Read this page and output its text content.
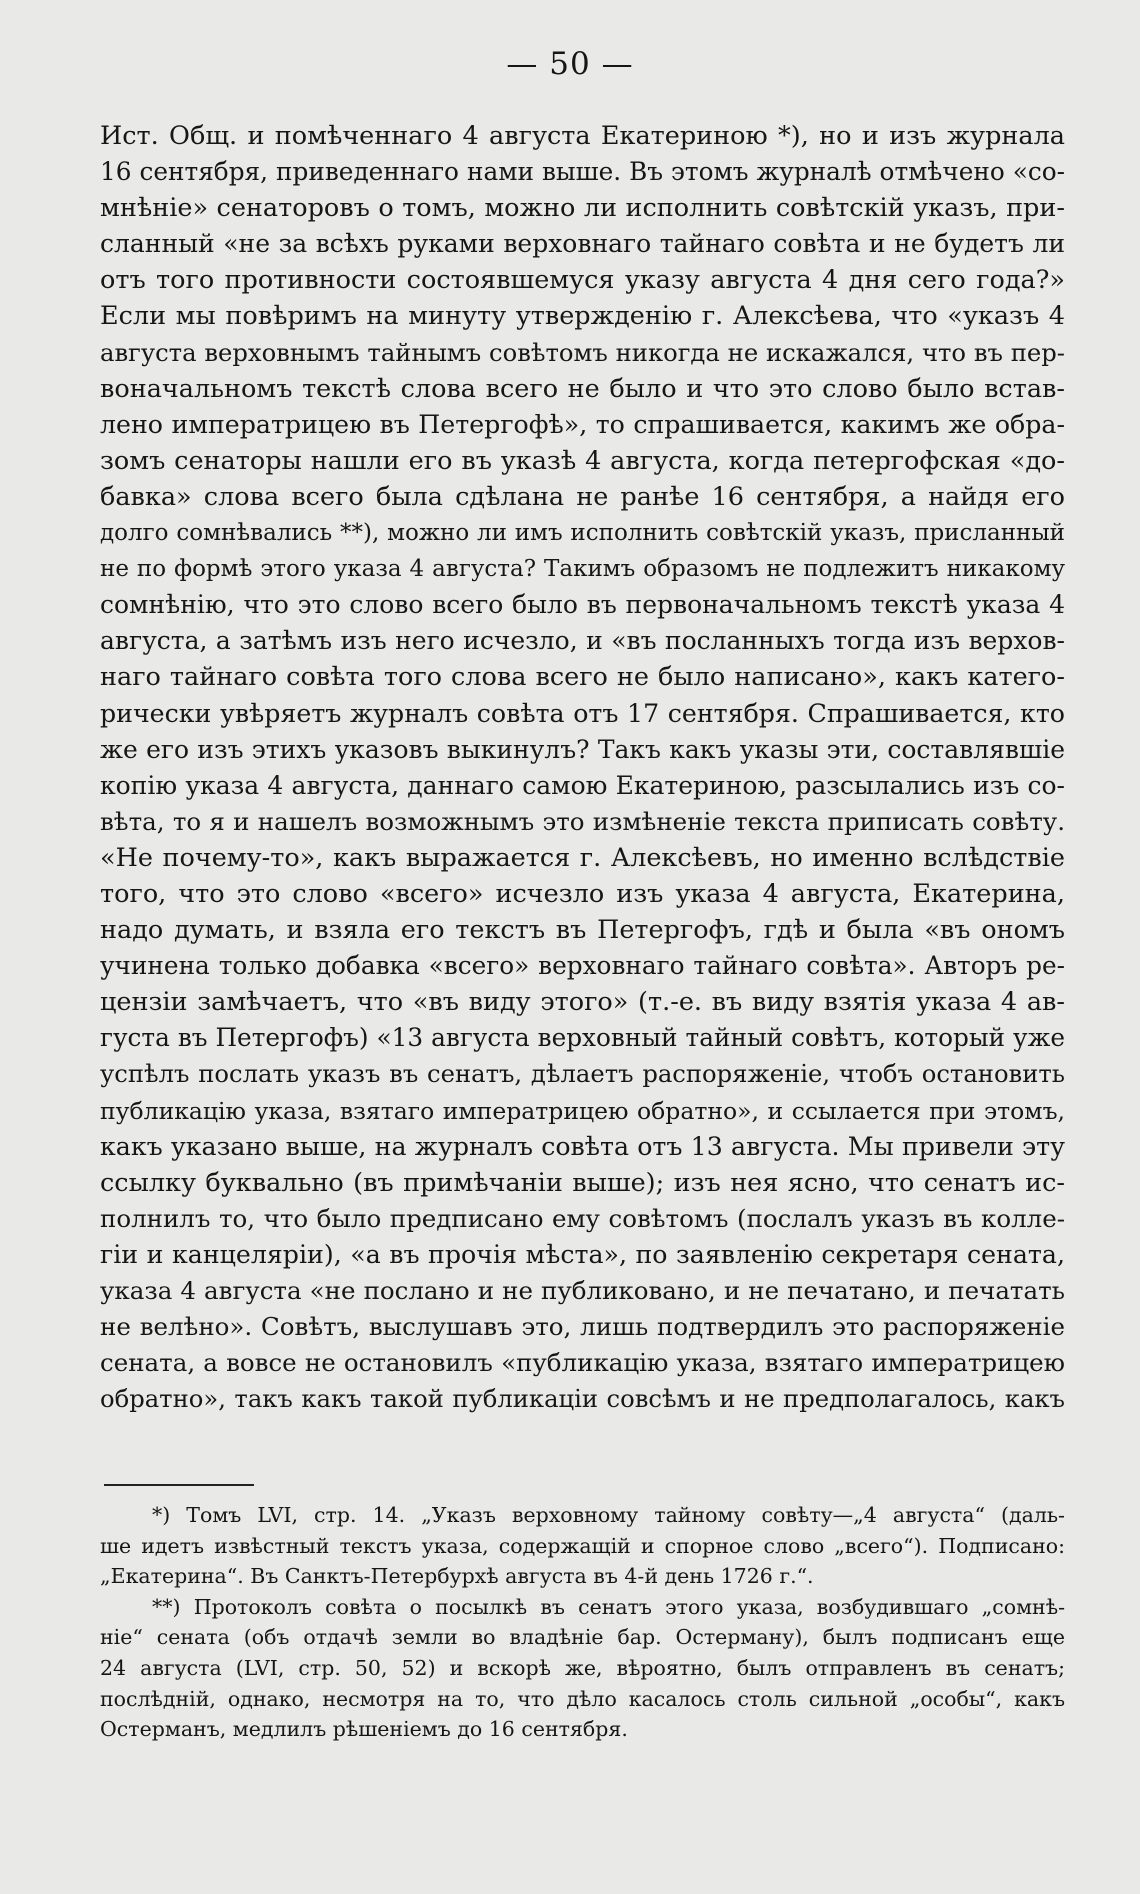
— 50 —
Ист. Общ. и помѣченнаго 4 августа Екатериною *), но и изъ журнала
16 сентября, приведеннаго нами выше. Въ этомъ журналѣ отмѣчено «со-
мнѣніе» сенаторовъ о томъ, можно ли исполнить совѣтскій указъ, при-
сланный «не за всѣхъ руками верховнаго тайнаго совѣта и не будетъ ли
отъ того противности состоявшемуся указу августа 4 дня сего года?»
Если мы повѣримъ на минуту утвержденію г. Алексѣева, что «указъ 4
августа верховнымъ тайнымъ совѣтомъ никогда не искажался, что въ пер-
воначальномъ текстѣ слова всего не было и что это слово было встав-
лено императрицею въ Петергофѣ», то спрашивается, какимъ же обра-
зомъ сенаторы нашли его въ указѣ 4 августа, когда петергофская «до-
бавка» слова всего была сдѣлана не ранѣе 16 сентября, а найдя его
долго сомнѣвались **), можно ли имъ исполнить совѣтскій указъ, присланный
не по формѣ этого указа 4 августа? Такимъ образомъ не подлежитъ никакому
сомнѣнію, что это слово всего было въ первоначальномъ текстѣ указа 4
августа, а затѣмъ изъ него исчезло, и «въ посланныхъ тогда изъ верхов-
наго тайнаго совѣта того слова всего не было написано», какъ катего-
рически увѣряетъ журналъ совѣта отъ 17 сентября. Спрашивается, кто
же его изъ этихъ указовъ выкинулъ? Такъ какъ указы эти, составлявшіе
копію указа 4 августа, даннаго самою Екатериною, разсылались изъ со-
вѣта, то я и нашелъ возможнымъ это измѣненіе текста приписать совѣту.
«Не почему-то», какъ выражается г. Алексѣевъ, но именно вслѣдствіе
того, что это слово «всего» исчезло изъ указа 4 августа, Екатерина,
надо думать, и взяла его текстъ въ Петергофъ, гдѣ и была «въ ономъ
учинена только добавка «всего» верховнаго тайнаго совѣта». Авторъ ре-
цензіи замѣчаетъ, что «въ виду этого» (т.-е. въ виду взятія указа 4 ав-
густа въ Петергофъ) «13 августа верховный тайный совѣтъ, который уже
успѣлъ послать указъ въ сенатъ, дѣлаетъ распоряженіе, чтобъ остановить
публикацію указа, взятаго императрицею обратно», и ссылается при этомъ,
какъ указано выше, на журналъ совѣта отъ 13 августа. Мы привели эту
ссылку буквально (въ примѣчаніи выше); изъ нея ясно, что сенатъ ис-
полнилъ то, что было предписано ему совѣтомъ (послалъ указъ въ колле-
гіи и канцеляріи), «а въ прочія мѣста», по заявленію секретаря сената,
указа 4 августа «не послано и не публиковано, и не печатано, и печатать
не велѣно». Совѣтъ, выслушавъ это, лишь подтвердилъ это распоряженіе
сената, а вовсе не остановилъ «публикацію указа, взятаго императрицею
обратно», такъ какъ такой публикаціи совсѣмъ и не предполагалось, какъ
*) Томъ LVI, стр. 14. „Указъ верховному тайному совѣту—„4 августа“ (даль-
ше идетъ извѣстный текстъ указа, содержащій и спорное слово „всего“). Подписано:
„Екатерина“. Въ Санктъ-Петербурхѣ августа въ 4-й день 1726 г.“.
**) Протоколъ совѣта о посылкѣ въ сенатъ этого указа, возбудившаго „сомнѣ-
ніе“ сената (объ отдачѣ земли во владѣніе бар. Остерману), былъ подписанъ еще
24 августа (LVI, стр. 50, 52) и вскорѣ же, вѣроятно, былъ отправленъ въ сенатъ;
послѣдній, однако, несмотря на то, что дѣло касалось столь сильной „особы“, какъ
Остерманъ, медлилъ рѣшеніемъ до 16 сентября.
